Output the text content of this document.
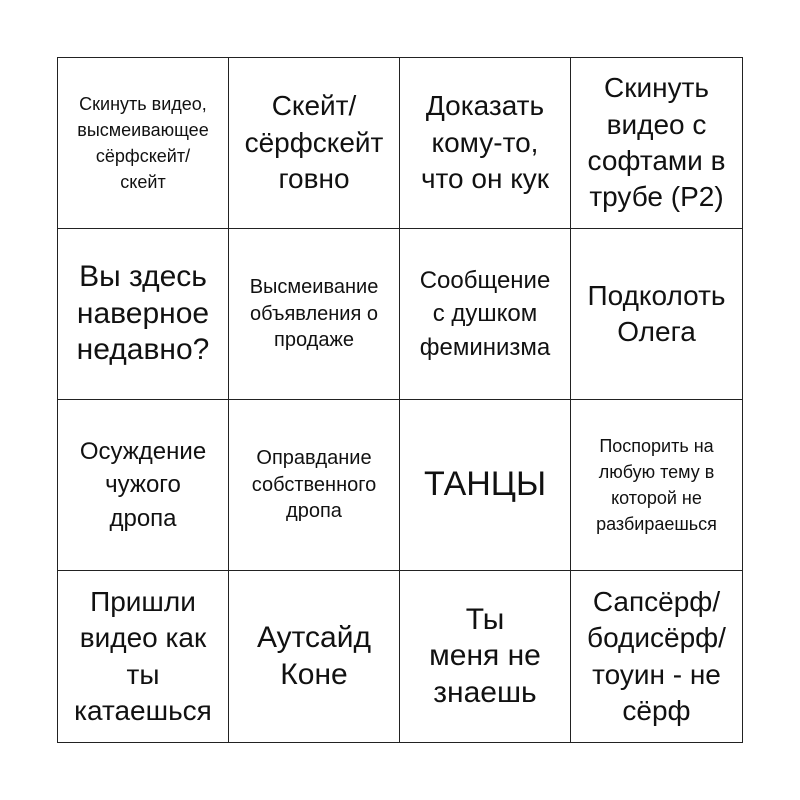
Скинуть видео,
высмеивающее
сёрфскейт/
скейт
Скейт/
сёрфскейт
говно
Доказать
кому-то,
что он кук
Скинуть
видео с
софтами в
трубе (P2)
Вы здесь
наверное
недавно?
Высмеивание
объявления о
продаже
Сообщение
с душком
феминизма
Подколоть
Олега
Осуждение
чужого
дропа
Оправдание
собственного
дропа
ТАНЦЫ
Поспорить на
любую тему в
которой не
разбираешься
Пришли
видео как
ты
катаешься
Аутсайд
Коне
Ты
меня не
знаешь
Сапсёрф/
бодисёрф/
тоуин - не
сёрф
